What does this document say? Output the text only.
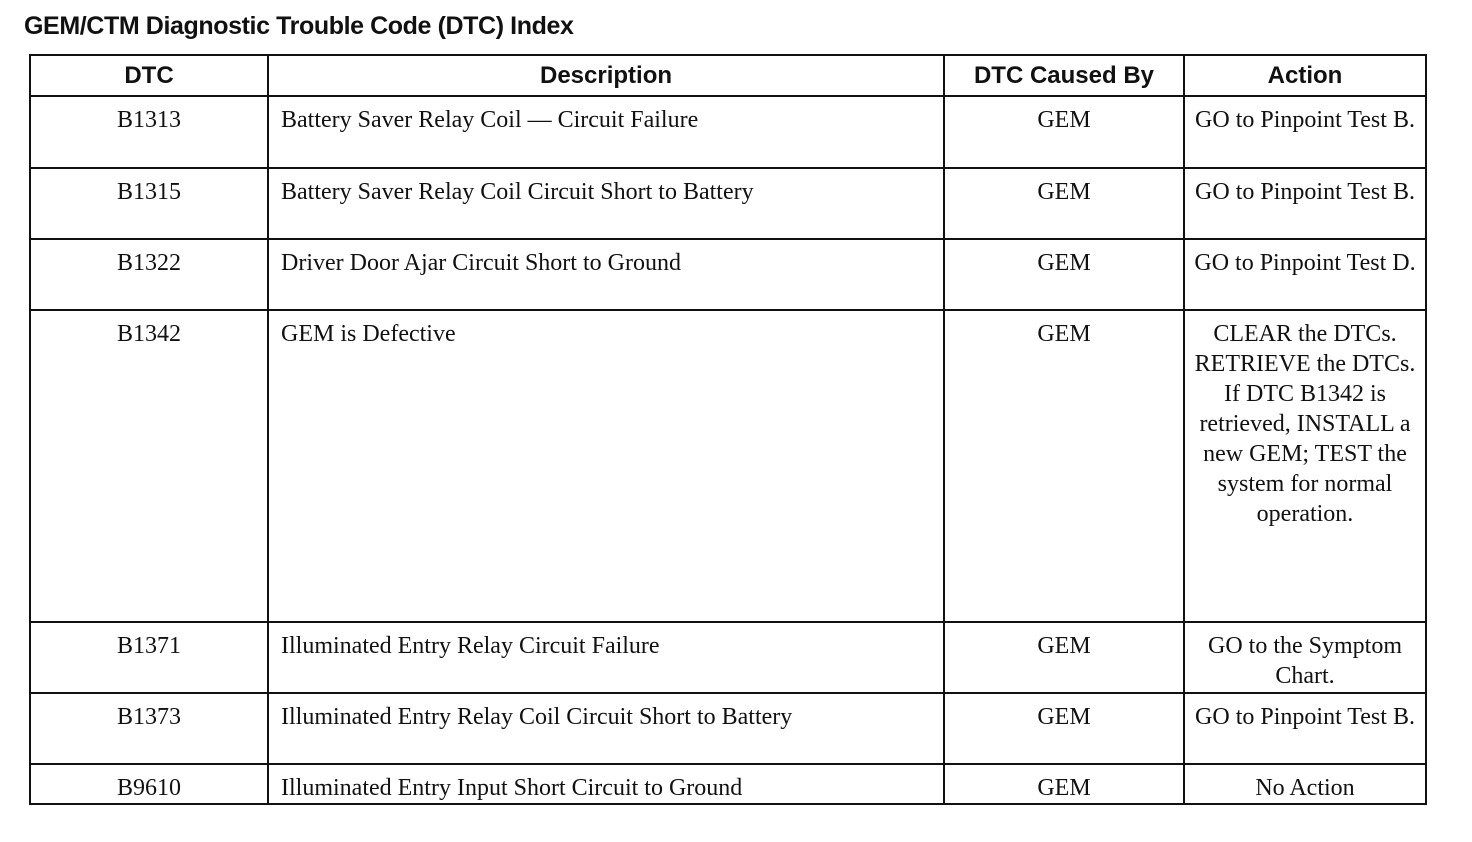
GEM/CTM Diagnostic Trouble Code (DTC) Index
DTC	Description	DTC Caused By	Action
B1313	Battery Saver Relay Coil — Circuit Failure	GEM	GO to Pinpoint Test B.
B1315	Battery Saver Relay Coil Circuit Short to Battery	GEM	GO to Pinpoint Test B.
B1322	Driver Door Ajar Circuit Short to Ground	GEM	GO to Pinpoint Test D.
B1342	GEM is Defective	GEM	CLEAR the DTCs. RETRIEVE the DTCs. If DTC B1342 is retrieved, INSTALL a new GEM; TEST the system for normal operation.
B1371	Illuminated Entry Relay Circuit Failure	GEM	GO to the Symptom Chart.
B1373	Illuminated Entry Relay Coil Circuit Short to Battery	GEM	GO to Pinpoint Test B.
B9610	Illuminated Entry Input Short Circuit to Ground	GEM	No Action
